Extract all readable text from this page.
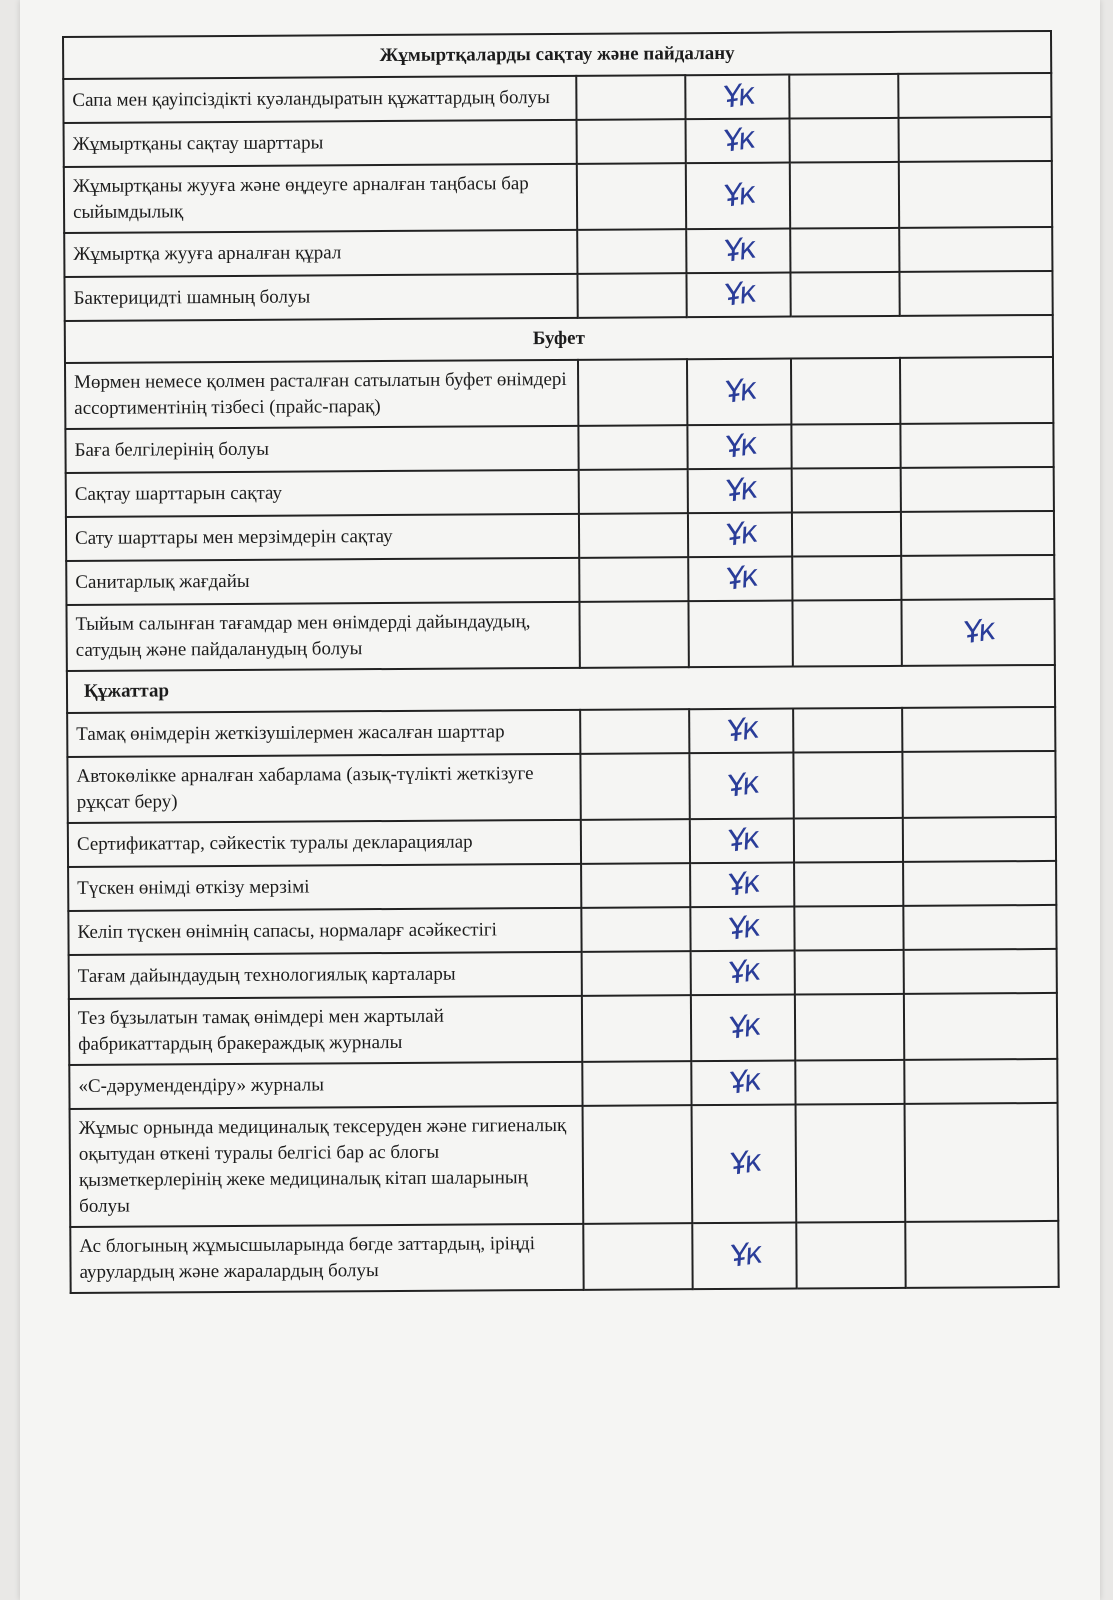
Жұмыртқаларды сақтау және пайдалану				
Сапа мен қауіпсіздікті куәландыратын құжаттардың болуы		Ұк		

Жұмыртқаны сақтау шарттары		Ұк		

Жұмыртқаны жууға және өңдеуге арналған таңбасы бар сыйымдылық		Ұк		

Жұмыртқа жууға арналған құрал		Ұк		

Бактерицидті шамның болуы		Ұк		

Буфет				
Мөрмен немесе қолмен расталған сатылатын буфет өнімдері ассортиментінің тізбесі (прайс-парақ)		Ұк		

Баға белгілерінің болуы		Ұк		

Сақтау шарттарын сақтау		Ұк		

Сату шарттары мен мерзімдерін сақтау		Ұк		

Санитарлық жағдайы		Ұк		

Тыйым салынған тағамдар мен өнімдерді дайындаудың, сатудың және пайдаланудың болуы				Ұк

Құжаттар				
Тамақ өнімдерін жеткізушілермен жасалған шарттар		Ұк		

Автокөлікке арналған хабарлама (азық-түлікті жеткізуге рұқсат беру)		Ұк		

Сертификаттар, сәйкестік туралы декларациялар		Ұк		

Түскен өнімді өткізу мерзімі		Ұк		

Келіп түскен өнімнің сапасы, нормаларғ асәйкестігі		Ұк		

Тағам дайындаудың технологиялық карталары		Ұк		

Тез бұзылатын тамақ өнімдері мен жартылай фабрикаттардың бракераждық журналы		Ұк		

«С-дәрумендендіру» журналы		Ұк		

Жұмыс орнында медициналық тексеруден және гигиеналық оқытудан өткені туралы белгісі бар ас блогы қызметкерлерінің жеке медициналық кітап шаларының болуы		Ұк		

Ас блогының жұмысшыларында бөгде заттардың, іріңді аурулардың және жаралардың болуы		Ұк		
